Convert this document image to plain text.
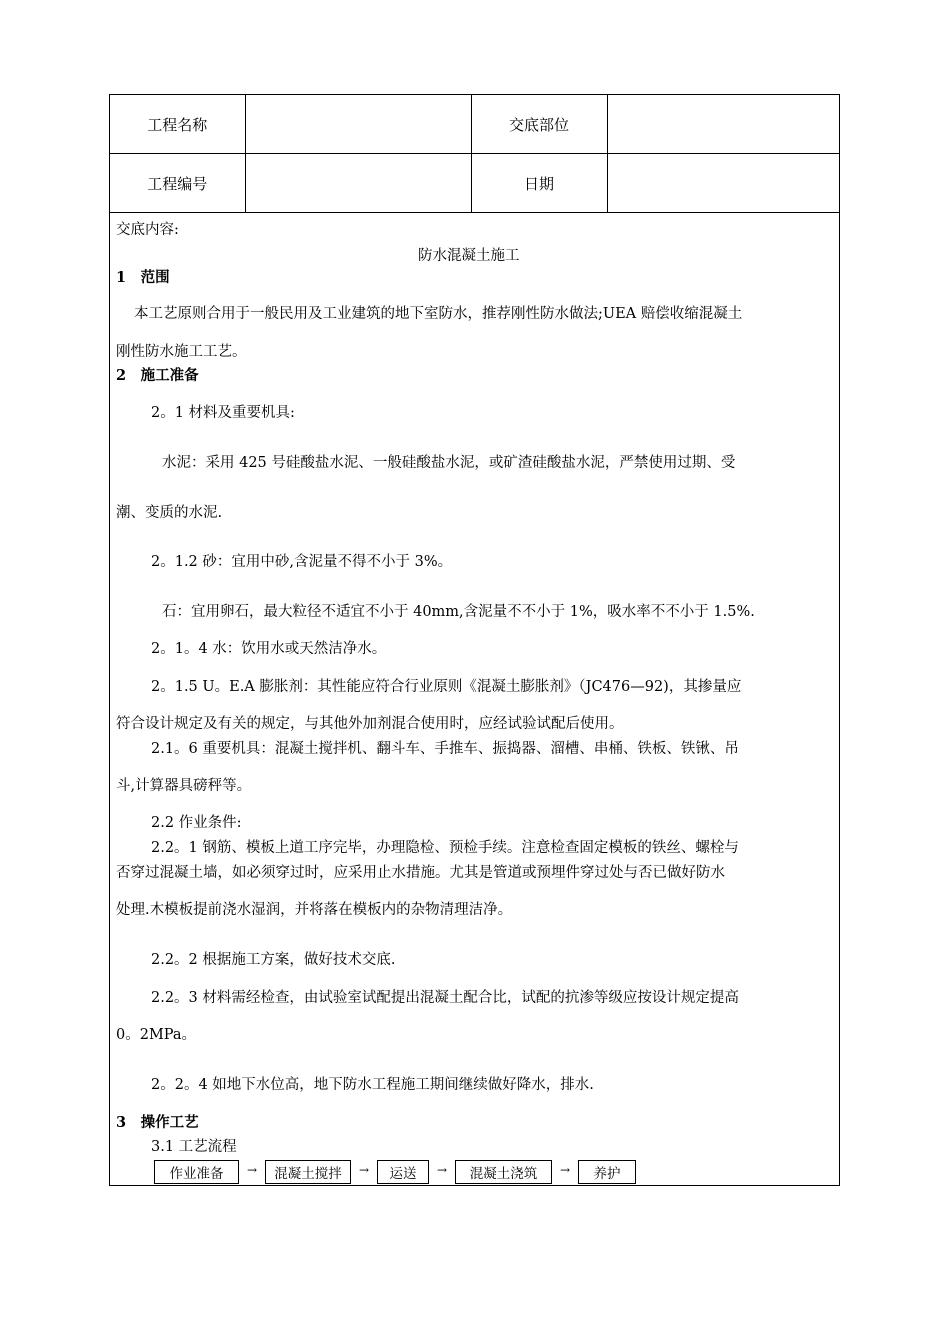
工程名称		交底部位	
工程编号		日期	
交底内容:
防水混凝土施工
1　范围
本工艺原则合用于一般民用及工业建筑的地下室防水，推荐刚性防水做法;UEA 赔偿收缩混凝土
刚性防水施工工艺。
2　施工准备
2。1 材料及重要机具:
水泥：采用 425 号硅酸盐水泥、一般硅酸盐水泥，或矿渣硅酸盐水泥，严禁使用过期、受
潮、变质的水泥.
2。1.2 砂：宜用中砂,含泥量不得不小于 3%。
石：宜用卵石，最大粒径不适宜不小于 40mm,含泥量不不小于 1%，吸水率不不小于 1.5%.
2。1。4 水：饮用水或天然洁净水。
2。1.5 U。E.A 膨胀剂：其性能应符合行业原则《混凝土膨胀剂》（JC476—92)，其掺量应
符合设计规定及有关的规定，与其他外加剂混合使用时，应经试验试配后使用。
2.1。6 重要机具：混凝土搅拌机、翻斗车、手推车、振捣器、溜槽、串桶、铁板、铁锹、吊
斗,计算器具磅秤等。
2.2 作业条件:
2.2。1 钢筋、模板上道工序完毕，办理隐检、预检手续。注意检查固定模板的铁丝、螺栓与
否穿过混凝土墙，如必须穿过时，应采用止水措施。尤其是管道或预埋件穿过处与否已做好防水
处理.木模板提前浇水湿润，并将落在模板内的杂物清理洁净。
2.2。2 根据施工方案，做好技术交底.
2.2。3 材料需经检查，由试验室试配提出混凝土配合比，试配的抗渗等级应按设计规定提高
0。2MPa。
2。2。4 如地下水位高，地下防水工程施工期间继续做好降水，排水.
3　操作工艺
3.1 工艺流程
作业准备	→	混凝土搅拌	→	运送	→	混凝土浇筑	→	养护
